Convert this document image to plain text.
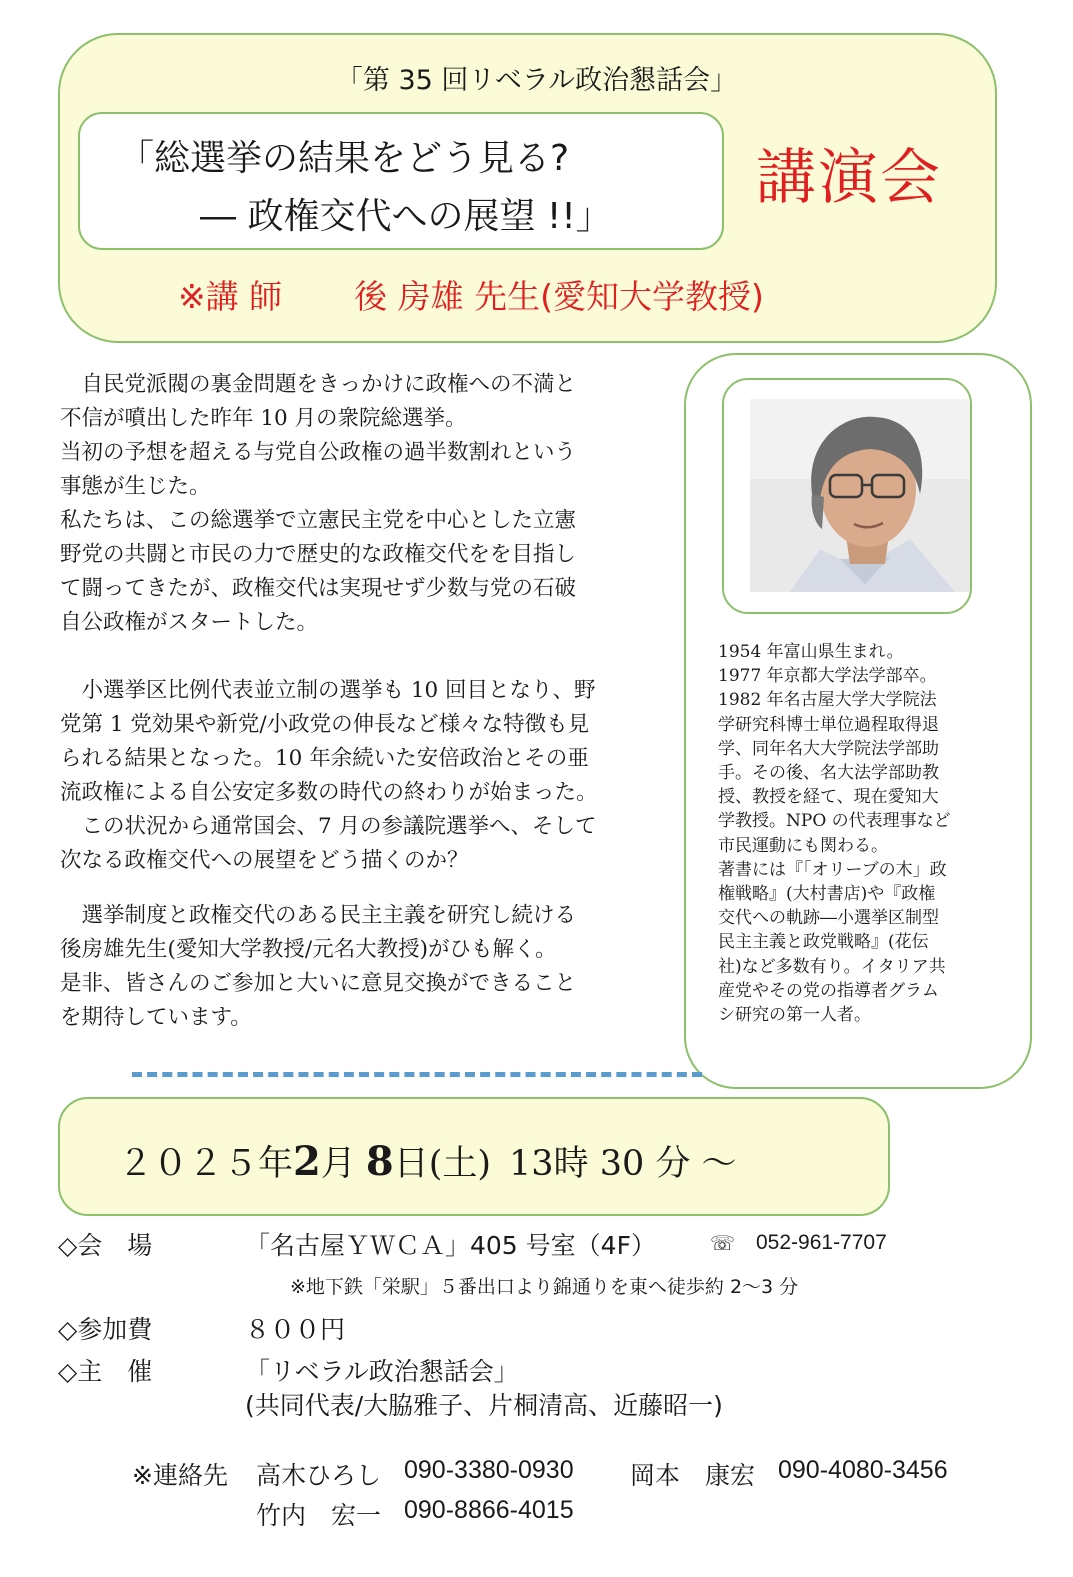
「第 35 回リベラル政治懇話会」
「総選挙の結果をどう見る?
― 政権交代への展望 !!」
講演会
※講 師 後 房雄 先生(愛知大学教授)
　自民党派閥の裏金問題をきっかけに政権への不満と
不信が噴出した昨年 10 月の衆院総選挙。
当初の予想を超える与党自公政権の過半数割れという
事態が生じた。
私たちは、この総選挙で立憲民主党を中心とした立憲
野党の共闘と市民の力で歴史的な政権交代をを目指し
て闘ってきたが、政権交代は実現せず少数与党の石破
自公政権がスタートした。
　小選挙区比例代表並立制の選挙も 10 回目となり、野
党第 1 党効果や新党/小政党の伸長など様々な特徴も見
られる結果となった。10 年余続いた安倍政治とその亜
流政権による自公安定多数の時代の終わりが始まった。
　この状況から通常国会、7 月の参議院選挙へ、そして
次なる政権交代への展望をどう描くのか？
　選挙制度と政権交代のある民主主義を研究し続ける
後房雄先生(愛知大学教授/元名大教授)がひも解く。
是非、皆さんのご参加と大いに意見交換ができること
を期待しています。
1954 年富山県生まれ。
1977 年京都大学法学部卒。
1982 年名古屋大学大学院法
学研究科博士単位過程取得退
学、同年名大大学院法学部助
手。その後、名大法学部助教
授、教授を経て、現在愛知大
学教授。NPO の代表理事など
市民運動にも関わる。
著書には『「オリーブの木」政
権戦略』(大村書店)や『政権
交代への軌跡―小選挙区制型
民主主義と政党戦略』(花伝
社)など多数有り。イタリア共
産党やその党の指導者グラム
シ研究の第一人者。
２０２５年2月 8日(土) 13時 30 分 ～
◇会　場	「名古屋ＹＷＣＡ」405 号室（4F）	☏ 052-961-7707
※地下鉄「栄駅」５番出口より錦通りを東へ徒歩約 2～3 分
◇参加費	８００円
◇主　催	「リベラル政治懇話会」
(共同代表/大脇雅子、片桐清高、近藤昭一)
※連絡先 高木ひろし 090-3380-0930 岡本　康宏 090-4080-3456
竹内　宏一 090-8866-4015
